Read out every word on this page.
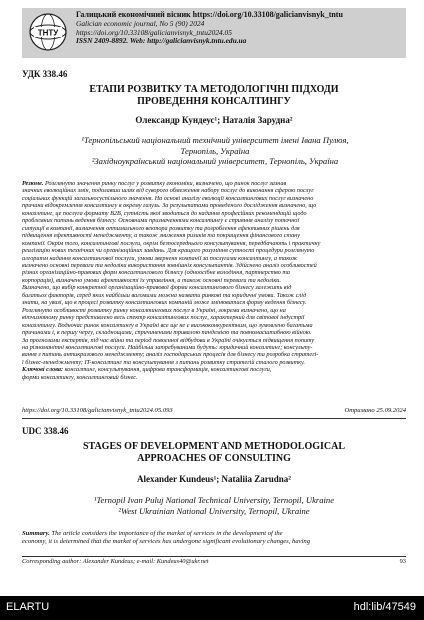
ТНТУ
Галицький економічний вісник https://doi.org/10.33108/galicianvisnyk_tntu
Galician economic journal, No 5 (90) 2024
https://doi.org/10.33108/galicianvisnyk_tntu2024.05
ISSN 2409-8892. Web: http://galicianvisnyk.tntu.edu.ua
УДК 338.46
ЕТАПИ РОЗВИТКУ ТА МЕТОДОЛОГІЧНІ ПІДХОДИ
ПРОВЕДЕННЯ КОНСАЛТИНГУ
Олександр Кундеус¹; Наталія Зарудна²
¹Тернопільський національний технічний університет імені Івана Пулюя,
Тернопіль, Україна
²Західноукраїнський національний університет, Тернопіль, Україна
Резюме. Розглянуто значення ринку послуг у розвитку економіки, визначено, що ринок послуг зазнав
значних еволюційних змін, подолавши шлях від суворого обмеження набору послуг до виконання сферою послуг
соціальних функцій загальносуспільного значення. На основі аналізу еволюції консалтингових послуг визначено
причини відокремлення консалтингу в окрему галузь. За результатами проведеного дослідження визначено, що
консалтинг, це послуга формату B2B, сутність якої зводиться до надання професійних рекомендацій щодо
проблемних питань ведення бізнесу. Основними призначеннями консалтингу є сприяння аналізу поточної
ситуації в компанії, визначення оптимального вектора розвитку та розроблення ефективних рішень для
підвищення ефективності менеджменту, а також зниження ризиків та покращення фінансового стану
компанії. Окрім того, консалтингові послуги, окрім безпосереднього консультування, передбачають і практичну
реалізацію нових технічних чи організаційних завдань. Для кращого розуміння сутності процедури розглянуто
алгоритм надання консалтингової послуги, умови зверненн компанії за послугами консалтингу, а також
визначено основні переваги та недоліки використання зовнішніх консультантів. Здійснено аналіз особливостей
різних організаційно-правових форм консалтингового бізнесу (одноосібне володіння, партнерство та
корпорація), визначено умови ефективності їх управління, а також основні переваги та недоліки.
Визначено, що вибір конкретної організаційно-правової форми консалтингового бізнесу залежить від
багатьох факторів, серед яких найбільш вагомими можна назвати ринкові та юридичні умови. Також слід
знати, на увазі, що в процесі розвитку консалтингових компаній може змінюватися форму ведення бізнесу.
Розглянуто особливості розвитку ринку консалтингових послуг в Україні, зокрема визначено, що на
вітчизняному ринку представлено весь спектр консалтингових послуг, характерний для світової індустрії
консалтингу. Водночас ринок консалтингу в Україні все ще не є висококонкурентним, що зумовлено багатьма
причинами і, в першу чергу, складнощами, спричиненими тривалою пандемією та повномасштабною війною.
За прогнозами експертів, під час війни та період повоєнної відбудови в Україні очікується підвищення попиту
на різноманітні консалтингові послуги. Найбільш затребуваними будуть: юридичний консалтинг; консульту-
вання з питань антикризового менеджменту; аналіз господарських процесів для бізнесу та розробка стратегі-
ї бізнес-менеджменту; IT-консалтинг та консультування з питань розвитку стратегій сталого розвитку.
Ключові слова: консалтинг, консультування, цифрова трансформація, консалтингові послуги,
форми консалтингу, консалтинговий бізнес.
https://doi.org/10.33108/galicianvisnyk_tntu2024.05.093	Отримано 25.09.2024
UDC 338.46
STAGES OF DEVELOPMENT AND METHODOLOGICAL
APPROACHES OF CONSULTING
Alexander Kundeus¹; Nataliia Zarudna²
¹Ternopil Ivan Puluj National Technical University, Ternopil, Ukraine
²West Ukrainian National University, Ternopil, Ukraine
Summary. The article considers the importance of the market of services in the development of the
economy, it is determined that the market of services has undergone significant evolutionary changes, having
Corresponding author: Alexander Kundeus; e-mail: Kundeus40@ukr.net	93
ELARTU	hdl:lib/47549
